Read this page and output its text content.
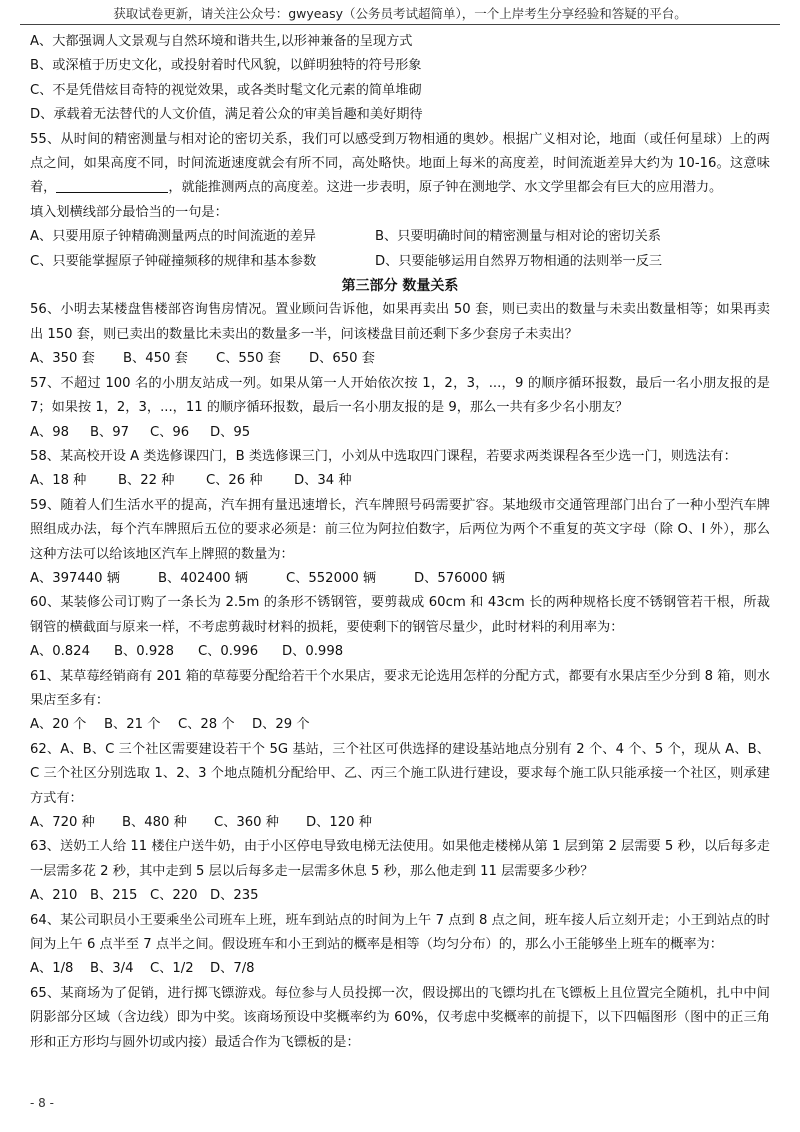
获取试卷更新，请关注公众号：gwyeasy（公务员考试超简单），一个上岸考生分享经验和答疑的平台。
A、大都强调人文景观与自然环境和谐共生,以形神兼备的呈现方式
B、或深植于历史文化，或投射着时代风貌，以鲜明独特的符号形象
C、不是凭借炫目奇特的视觉效果，或各类时髦文化元素的简单堆砌
D、承载着无法替代的人文价值，满足着公众的审美旨趣和美好期待
55、从时间的精密测量与相对论的密切关系，我们可以感受到万物相通的奥妙。根据广义相对论，地面（或任何星球）上的两点之间，如果高度不同，时间流逝速度就会有所不同，高处略快。地面上每米的高度差，时间流逝差异大约为 10-16。这意味着，	，就能推测两点的高度差。这进一步表明，原子钟在测地学、水文学里都会有巨大的应用潜力。
填入划横线部分最恰当的一句是：
A、只要用原子钟精确测量两点的时间流逝的差异	B、只要明确时间的精密测量与相对论的密切关系
C、只要能掌握原子钟碰撞频移的规律和基本参数	D、只要能够运用自然界万物相通的法则举一反三
第三部分 数量关系
56、小明去某楼盘售楼部咨询售房情况。置业顾问告诉他，如果再卖出 50 套，则已卖出的数量与未卖出数量相等；如果再卖出 150 套，则已卖出的数量比未卖出的数量多一半，问该楼盘目前还剩下多少套房子未卖出？
A、350 套	B、450 套	C、550 套	D、650 套
57、不超过 100 名的小朋友站成一列。如果从第一人开始依次按 1，2，3，...，9 的顺序循环报数，最后一名小朋友报的是 7；如果按 1，2，3，...，11 的顺序循环报数，最后一名小朋友报的是 9，那么一共有多少名小朋友？
A、98	B、97	C、96	D、95
58、某高校开设 A 类选修课四门，B 类选修课三门，小刘从中选取四门课程，若要求两类课程各至少选一门，则选法有：
A、18 种	B、22 种	C、26 种	D、34 种
59、随着人们生活水平的提高，汽车拥有量迅速增长，汽车牌照号码需要扩容。某地级市交通管理部门出台了一种小型汽车牌照组成办法，每个汽车牌照后五位的要求必须是：前三位为阿拉伯数字，后两位为两个不重复的英文字母（除 O、I 外），那么这种方法可以给该地区汽车上牌照的数量为：
A、397440 辆	B、402400 辆	C、552000 辆	D、576000 辆
60、某装修公司订购了一条长为 2.5m 的条形不锈钢管，要剪裁成 60cm 和 43cm 长的两种规格长度不锈钢管若干根，所裁钢管的横截面与原来一样，不考虑剪裁时材料的损耗，要使剩下的钢管尽量少，此时材料的利用率为：
A、0.824	B、0.928	C、0.996	D、0.998
61、某草莓经销商有 201 箱的草莓要分配给若干个水果店，要求无论选用怎样的分配方式，都要有水果店至少分到 8 箱，则水果店至多有：
A、20 个	B、21 个	C、28 个	D、29 个
62、A、B、C 三个社区需要建设若干个 5G 基站，三个社区可供选择的建设基站地点分别有 2 个、4 个、5 个，现从 A、B、C 三个社区分别选取 1、2、3 个地点随机分配给甲、乙、丙三个施工队进行建设，要求每个施工队只能承接一个社区，则承建方式有：
A、720 种	B、480 种	C、360 种	D、120 种
63、送奶工人给 11 楼住户送牛奶，由于小区停电导致电梯无法使用。如果他走楼梯从第 1 层到第 2 层需要 5 秒，以后每多走一层需多花 2 秒，其中走到 5 层以后每多走一层需多休息 5 秒，那么他走到 11 层需要多少秒？
A、210 B、215 C、220 D、235
64、某公司职员小王要乘坐公司班车上班，班车到站点的时间为上午 7 点到 8 点之间，班车接人后立刻开走；小王到站点的时间为上午 6 点半至 7 点半之间。假设班车和小王到站的概率是相等（均匀分布）的，那么小王能够坐上班车的概率为：
A、1/8	B、3/4	C、1/2	D、7/8
65、某商场为了促销，进行掷飞镖游戏。每位参与人员投掷一次，假设掷出的飞镖均扎在飞镖板上且位置完全随机，扎中中间阴影部分区域（含边线）即为中奖。该商场预设中奖概率约为 60%，仅考虑中奖概率的前提下，以下四幅图形（图中的正三角形和正方形均与圆外切或内接）最适合作为飞镖板的是：
- 8 -
